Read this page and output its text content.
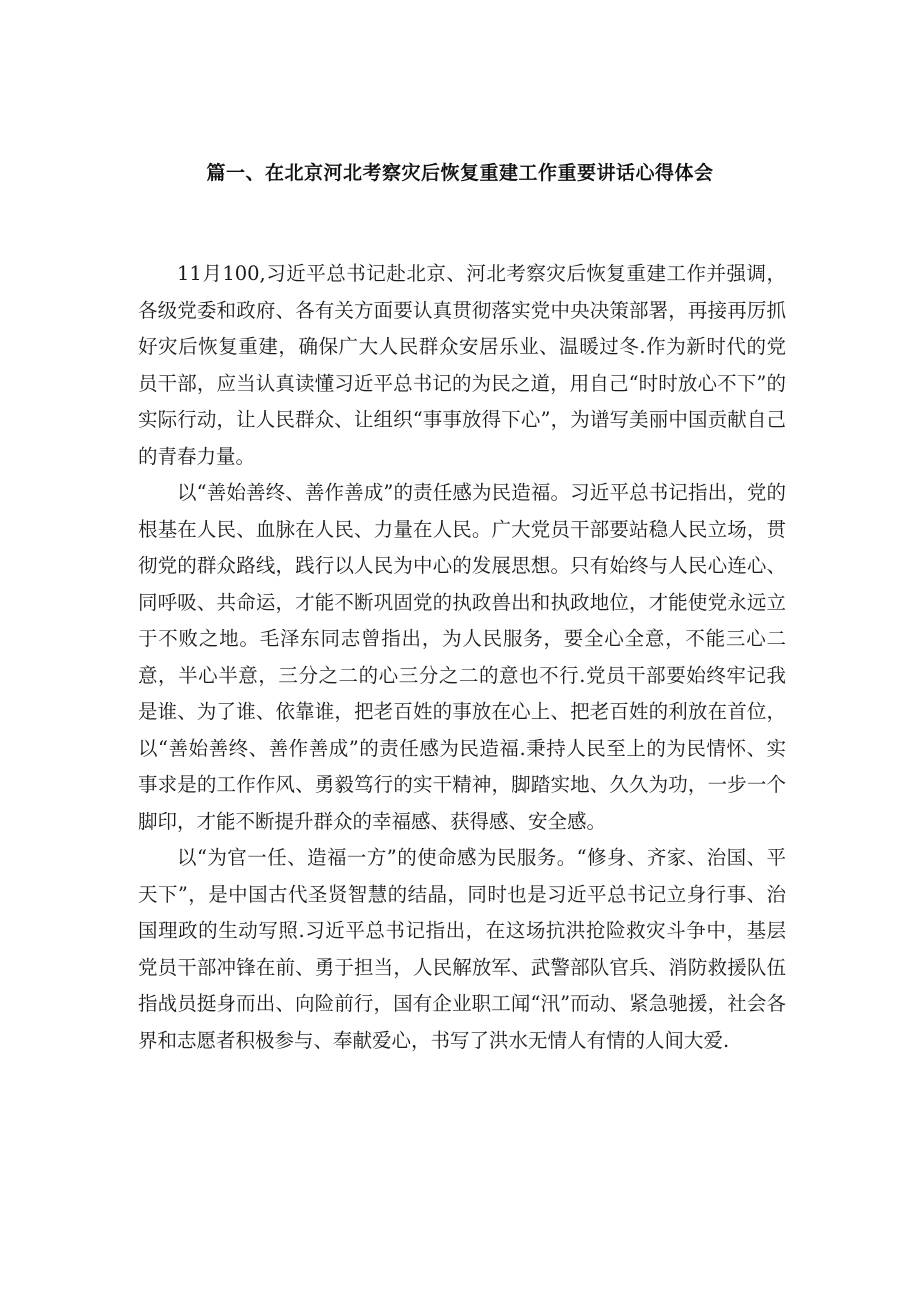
篇一、在北京河北考察灾后恢复重建工作重要讲话心得体会

11月100,习近平总书记赴北京、河北考察灾后恢复重建工作并强调，各级党委和政府、各有关方面要认真贯彻落实党中央决策部署，再接再厉抓好灾后恢复重建，确保广大人民群众安居乐业、温暖过冬.作为新时代的党员干部，应当认真读懂习近平总书记的为民之道，用自己“时时放心不下”的实际行动，让人民群众、让组织“事事放得下心”，为谱写美丽中国贡献自己的青春力量。

以“善始善终、善作善成”的责任感为民造福。习近平总书记指出，党的根基在人民、血脉在人民、力量在人民。广大党员干部要站稳人民立场，贯彻党的群众路线，践行以人民为中心的发展思想。只有始终与人民心连心、同呼吸、共命运，才能不断巩固党的执政兽出和执政地位，才能使党永远立于不败之地。毛泽东同志曾指出，为人民服务，要全心全意，不能三心二意，半心半意，三分之二的心三分之二的意也不行.党员干部要始终牢记我是谁、为了谁、依靠谁，把老百姓的事放在心上、把老百姓的利放在首位，以“善始善终、善作善成”的责任感为民造福.秉持人民至上的为民情怀、实事求是的工作作风、勇毅笃行的实干精神，脚踏实地、久久为功，一步一个脚印，才能不断提升群众的幸福感、获得感、安全感。

以“为官一任、造福一方”的使命感为民服务。“修身、齐家、治国、平天下”，是中国古代圣贤智慧的结晶，同时也是习近平总书记立身行事、治国理政的生动写照.习近平总书记指出，在这场抗洪抢险救灾斗争中，基层党员干部冲锋在前、勇于担当，人民解放军、武警部队官兵、消防救援队伍指战员挺身而出、向险前行，国有企业职工闻“汛”而动、紧急驰援，社会各界和志愿者积极参与、奉献爱心，书写了洪水无情人有情的人间大爱.
